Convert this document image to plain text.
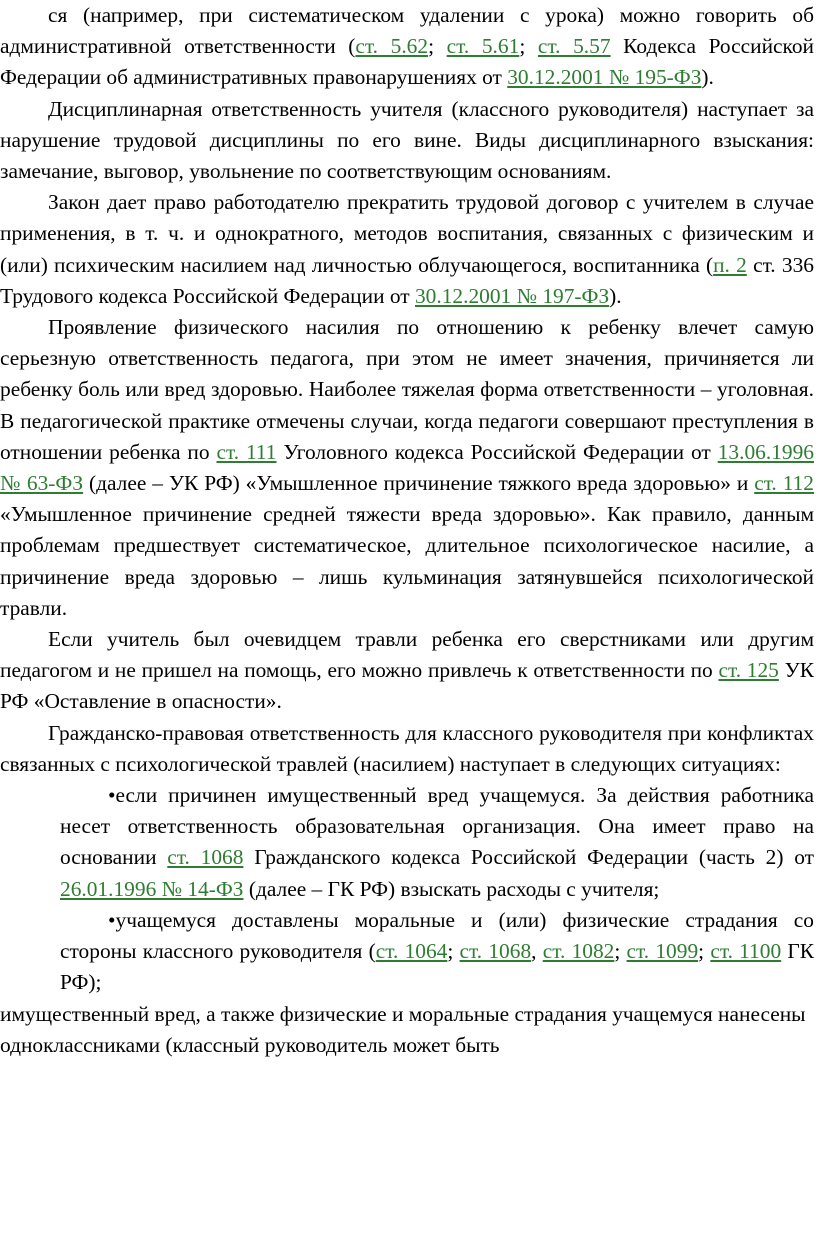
ся (например, при систематическом удалении с урока) можно говорить об административной ответственности (ст. 5.62; ст. 5.61; ст. 5.57 Кодекса Российской Федерации об административных правонарушениях от 30.12.2001 № 195-ФЗ).

Дисциплинарная ответственность учителя (классного руководителя) наступает за нарушение трудовой дисциплины по его вине. Виды дисциплинарного взыскания: замечание, выговор, увольнение по соответствующим основаниям.

Закон дает право работодателю прекратить трудовой договор с учителем в случае применения, в т. ч. и однократного, методов воспитания, связанных с физическим и (или) психическим насилием над личностью облучающегося, воспитанника (п. 2 ст. 336 Трудового кодекса Российской Федерации от 30.12.2001 № 197-ФЗ).

Проявление физического насилия по отношению к ребенку влечет самую серьезную ответственность педагога, при этом не имеет значения, причиняется ли ребенку боль или вред здоровью. Наиболее тяжелая форма ответственности – уголовная. В педагогической практике отмечены случаи, когда педагоги совершают преступления в отношении ребенка по ст. 111 Уголовного кодекса Российской Федерации от 13.06.1996 № 63-ФЗ (далее – УК РФ) «Умышленное причинение тяжкого вреда здоровью» и ст. 112 «Умышленное причинение средней тяжести вреда здоровью». Как правило, данным проблемам предшествует систематическое, длительное психологическое насилие, а причинение вреда здоровью – лишь кульминация затянувшейся психологической травли.

Если учитель был очевидцем травли ребенка его сверстниками или другим педагогом и не пришел на помощь, его можно привлечь к ответственности по ст. 125 УК РФ «Оставление в опасности».

Гражданско-правовая ответственность для классного руководителя при конфликтах связанных с психологической травлей (насилием) наступает в следующих ситуациях:

•если причинен имущественный вред учащемуся. За действия работника несет ответственность образовательная организация. Она имеет право на основании ст. 1068 Гражданского кодекса Российской Федерации (часть 2) от 26.01.1996 № 14-ФЗ (далее – ГК РФ) взыскать расходы с учителя;

•учащемуся доставлены моральные и (или) физические страдания со стороны классного руководителя (ст. 1064; ст. 1068, ст. 1082; ст. 1099; ст. 1100 ГК РФ);

имущественный вред, а также физические и моральные страдания учащемуся нанесены одноклассниками (классный руководитель может быть
